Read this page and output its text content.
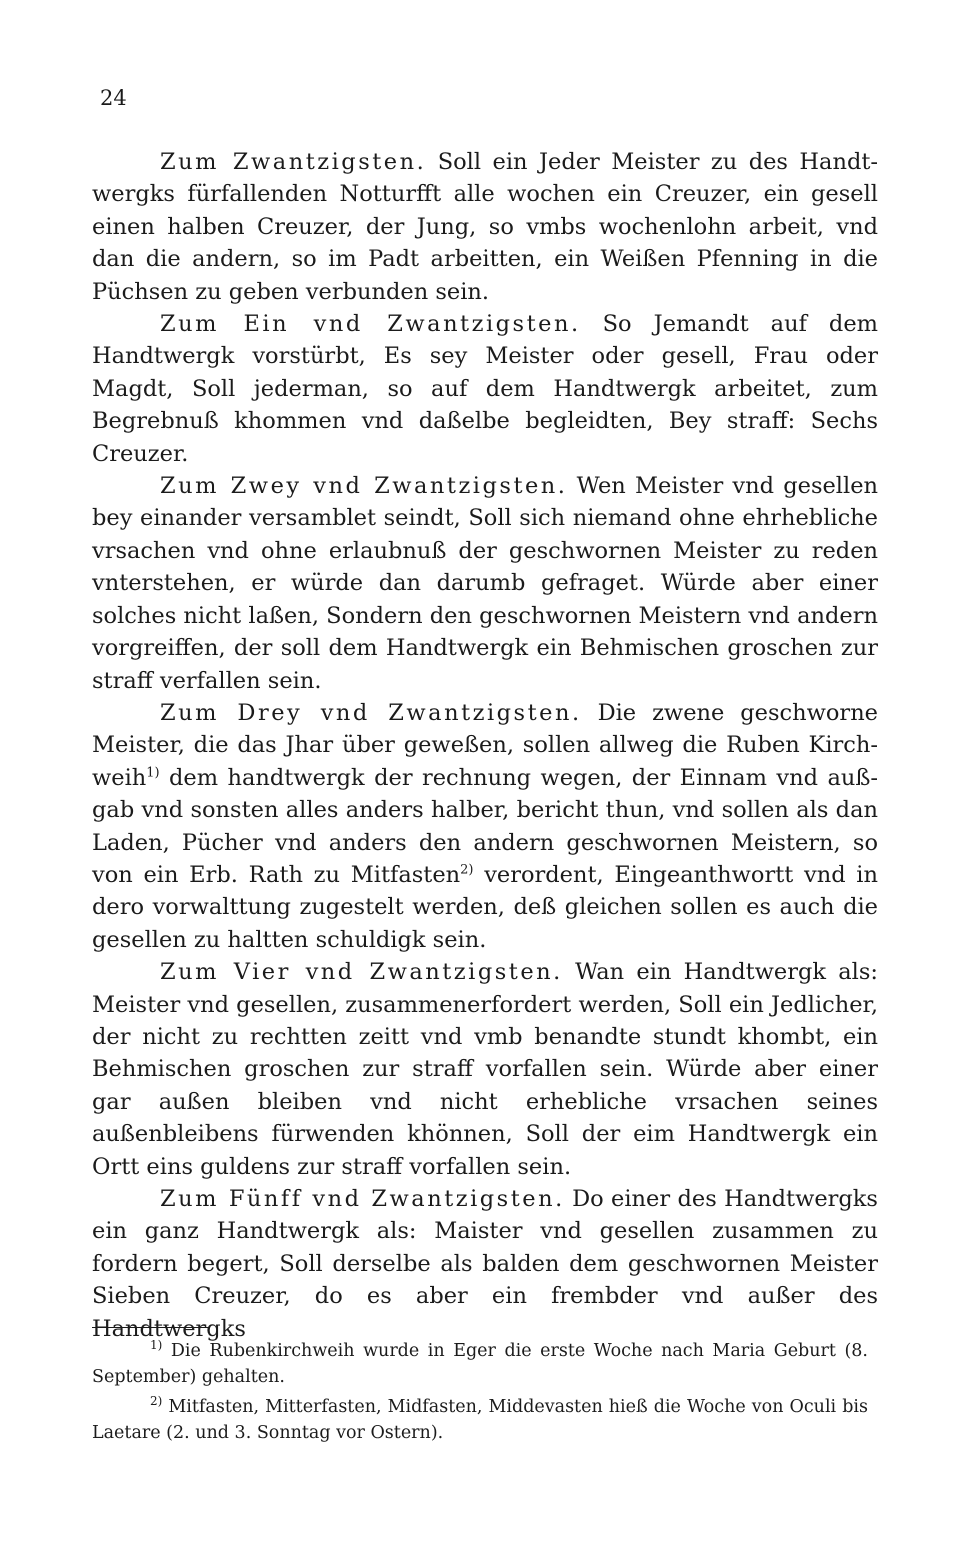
24

Zum Zwantzigsten. Soll ein Jeder Meister zu des Handtwergks fürfallenden Notturfft alle wochen ein Creuzer, ein gesell einen halben Creuzer, der Jung, so vmbs wochenlohn arbeit, vnd dan die andern, so im Padt arbeitten, ein Weißen Pfenning in die Püchsen zu geben verbunden sein.

Zum Ein vnd Zwantzigsten. So Jemandt auf dem Handtwergk vorstürbt, Es sey Meister oder gesell, Frau oder Magdt, Soll jederman, so auf dem Handtwergk arbeitet, zum Begrebnuß khommen vnd daßelbe begleidten, Bey straff: Sechs Creuzer.

Zum Zwey vnd Zwantzigsten. Wen Meister vnd gesellen bey einander versamblet seindt, Soll sich niemand ohne ehrhebliche vrsachen vnd ohne erlaubnuß der geschwornen Meister zu reden vnterstehen, er würde dan darumb gefraget. Würde aber einer solches nicht laßen, Sondern den geschwornen Meistern vnd andern vorgreiffen, der soll dem Handtwergk ein Behmischen groschen zur straff verfallen sein.

Zum Drey vnd Zwantzigsten. Die zwene geschworne Meister, die das Jhar über geweßen, sollen allweg die Ruben Kirchweih$^{1)}$ dem handtwergk der rechnung wegen, der Einnam vnd außgab vnd sonsten alles anders halber, bericht thun, vnd sollen als dan Laden, Pücher vnd anders den andern geschwornen Meistern, so von ein Erb. Rath zu Mitfasten$^{2)}$ verordent, Eingeanthwortt vnd in dero vorwalttung zugestelt werden, deß gleichen sollen es auch die gesellen zu haltten schuldigk sein.

Zum Vier vnd Zwantzigsten. Wan ein Handtwergk als: Meister vnd gesellen, zusammenerfordert werden, Soll ein Jedlicher, der nicht zu rechtten zeitt vnd vmb benandte stundt khombt, ein Behmischen groschen zur straff vorfallen sein. Würde aber einer gar außen bleiben vnd nicht erhebliche vrsachen seines außenbleibens fürwenden khönnen, Soll der eim Handtwergk ein Ortt eins guldens zur straff vorfallen sein.

Zum Fünff vnd Zwantzigsten. Do einer des Handtwergks ein ganz Handtwergk als: Maister vnd gesellen zusammen zu fordern begert, Soll derselbe als balden dem geschwornen Meister Sieben Creuzer, do es aber ein frembder vnd außer des Handtwergks

$^{1)}$ Die Rubenkirchweih wurde in Eger die erste Woche nach Maria Geburt (8. September) gehalten.

$^{2)}$ Mitfasten, Mitterfasten, Midfasten, Middevasten hieß die Woche von Oculi bis Laetare (2. und 3. Sonntag vor Ostern).
